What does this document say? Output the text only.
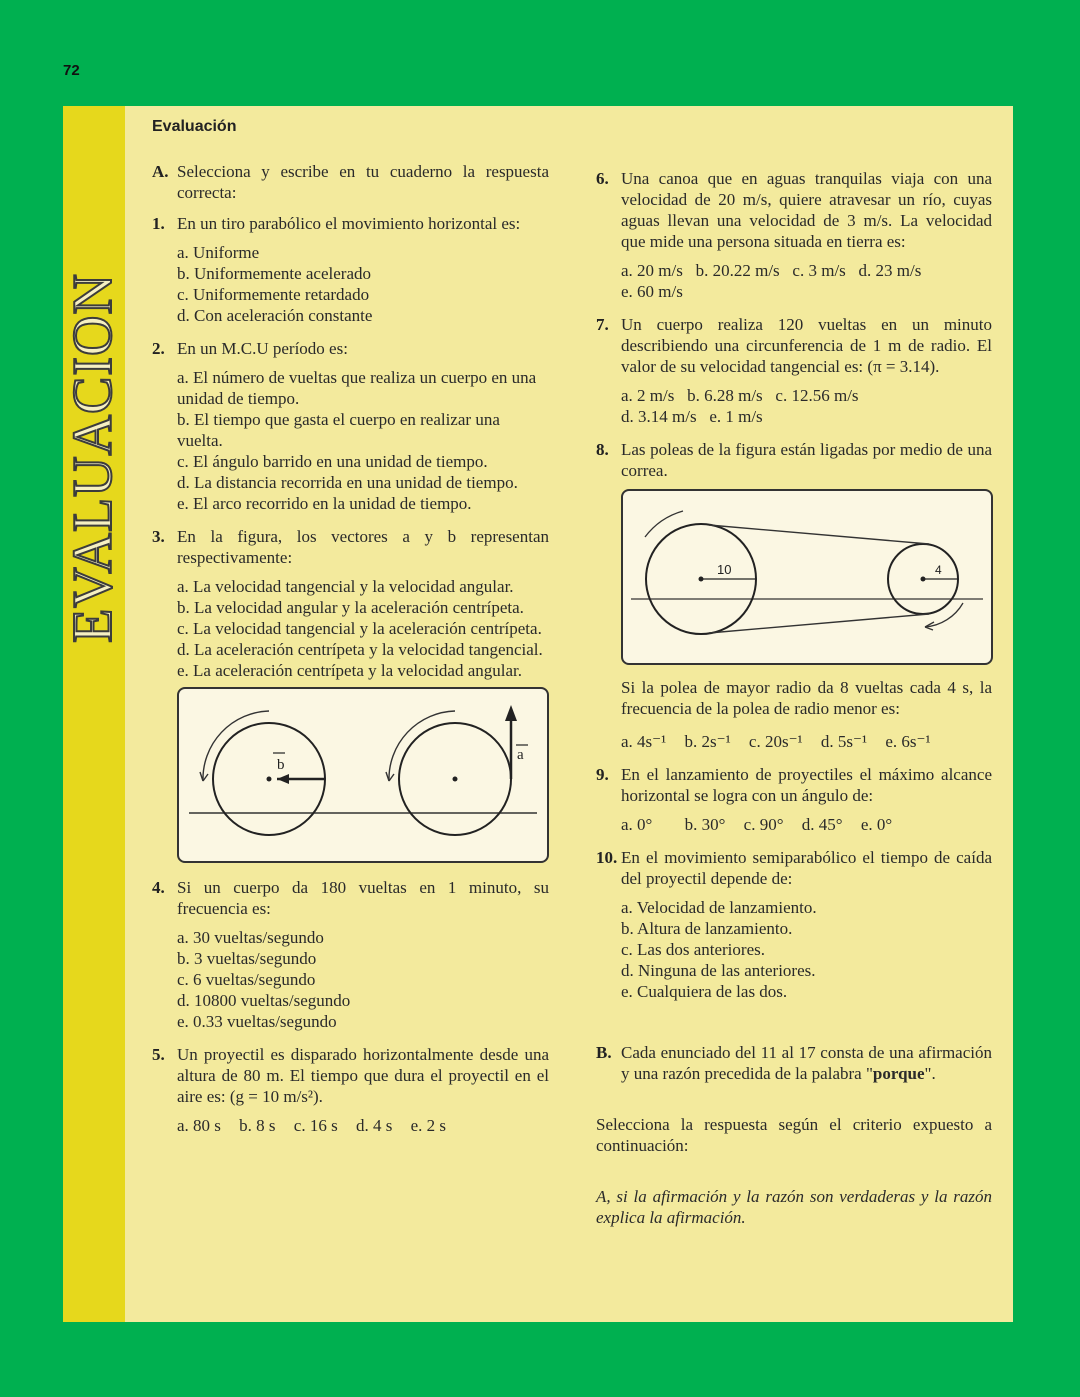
72
EVALUACION
Evaluación
A. Selecciona y escribe en tu cuaderno la respuesta correcta:
1. En un tiro parabólico el movimiento horizontal es:
a. Uniforme
b. Uniformemente acelerado
c. Uniformemente retardado
d. Con aceleración constante
2. En un M.C.U período es:
a. El número de vueltas que realiza un cuerpo en una unidad de tiempo.
b. El tiempo que gasta el cuerpo en realizar una vuelta.
c. El ángulo barrido en una unidad de tiempo.
d. La distancia recorrida en una unidad de tiempo.
e. El arco recorrido en la unidad de tiempo.
3. En la figura, los vectores a y b representan respectivamente:
a. La velocidad tangencial y la velocidad angular.
b. La velocidad angular y la aceleración centrípeta.
c. La velocidad tangencial y la aceleración centrípeta.
d. La aceleración centrípeta y la velocidad tangencial.
e. La aceleración centrípeta y la velocidad angular.
b
a
4. Si un cuerpo da 180 vueltas en 1 minuto, su frecuencia es:
a. 30 vueltas/segundo
b. 3 vueltas/segundo
c. 6 vueltas/segundo
d. 10800 vueltas/segundo
e. 0.33 vueltas/segundo
5. Un proyectil es disparado horizontalmente desde una altura de 80 m. El tiempo que dura el proyectil en el aire es: (g = 10 m/s²).
a. 80 s b. 8 s c. 16 s d. 4 s e. 2 s
6. Una canoa que en aguas tranquilas viaja con una velocidad de 20 m/s, quiere atravesar un río, cuyas aguas llevan una velocidad de 3 m/s. La velocidad que mide una persona situada en tierra es:
a. 20 m/s b. 20.22 m/s c. 3 m/s d. 23 m/s
e. 60 m/s
7. Un cuerpo realiza 120 vueltas en un minuto describiendo una circunferencia de 1 m de radio. El valor de su velocidad tangencial es: (π = 3.14).
a. 2 m/s b. 6.28 m/s c. 12.56 m/s
d. 3.14 m/s e. 1 m/s
8. Las poleas de la figura están ligadas por medio de una correa.
10	4
Si la polea de mayor radio da 8 vueltas cada 4 s, la frecuencia de la polea de radio menor es:
a. 4s⁻¹ b. 2s⁻¹ c. 20s⁻¹ d. 5s⁻¹ e. 6s⁻¹
9. En el lanzamiento de proyectiles el máximo alcance horizontal se logra con un ángulo de:
a. 0° b. 30° c. 90° d. 45° e. 0°
10. En el movimiento semiparabólico el tiempo de caída del proyectil depende de:
a. Velocidad de lanzamiento.
b. Altura de lanzamiento.
c. Las dos anteriores.
d. Ninguna de las anteriores.
e. Cualquiera de las dos.
B. Cada enunciado del 11 al 17 consta de una afirmación y una razón precedida de la palabra "porque".
Selecciona la respuesta según el criterio expuesto a continuación:
A, si la afirmación y la razón son verdaderas y la razón explica la afirmación.
